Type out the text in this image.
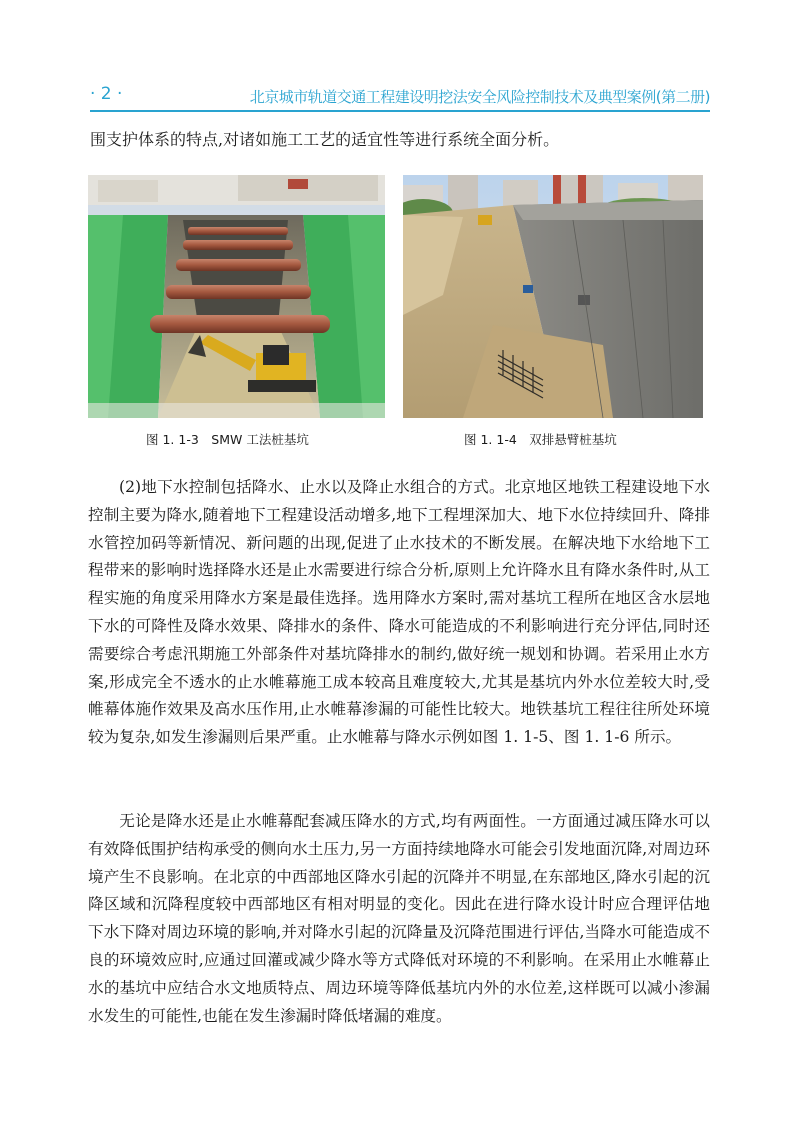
· 2 ·	北京城市轨道交通工程建设明挖法安全风险控制技术及典型案例(第二册)
围支护体系的特点,对诸如施工工艺的适宜性等进行系统全面分析。
图 1. 1-3　SMW 工法桩基坑	图 1. 1-4　双排悬臂桩基坑

(2)地下水控制包括降水、止水以及降止水组合的方式。北京地区地铁工程建设地下水控制主要为降水,随着地下工程建设活动增多,地下工程埋深加大、地下水位持续回升、降排水管控加码等新情况、新问题的出现,促进了止水技术的不断发展。在解决地下水给地下工程带来的影响时选择降水还是止水需要进行综合分析,原则上允许降水且有降水条件时,从工程实施的角度采用降水方案是最佳选择。选用降水方案时,需对基坑工程所在地区含水层地下水的可降性及降水效果、降排水的条件、降水可能造成的不利影响进行充分评估,同时还需要综合考虑汛期施工外部条件对基坑降排水的制约,做好统一规划和协调。若采用止水方案,形成完全不透水的止水帷幕施工成本较高且难度较大,尤其是基坑内外水位差较大时,受帷幕体施作效果及高水压作用,止水帷幕渗漏的可能性比较大。地铁基坑工程往往所处环境较为复杂,如发生渗漏则后果严重。止水帷幕与降水示例如图 1. 1-5、图 1. 1-6 所示。

无论是降水还是止水帷幕配套减压降水的方式,均有两面性。一方面通过减压降水可以有效降低围护结构承受的侧向水土压力,另一方面持续地降水可能会引发地面沉降,对周边环境产生不良影响。在北京的中西部地区降水引起的沉降并不明显,在东部地区,降水引起的沉降区域和沉降程度较中西部地区有相对明显的变化。因此在进行降水设计时应合理评估地下水下降对周边环境的影响,并对降水引起的沉降量及沉降范围进行评估,当降水可能造成不良的环境效应时,应通过回灌或减少降水等方式降低对环境的不利影响。在采用止水帷幕止水的基坑中应结合水文地质特点、周边环境等降低基坑内外的水位差,这样既可以减小渗漏水发生的可能性,也能在发生渗漏时降低堵漏的难度。
